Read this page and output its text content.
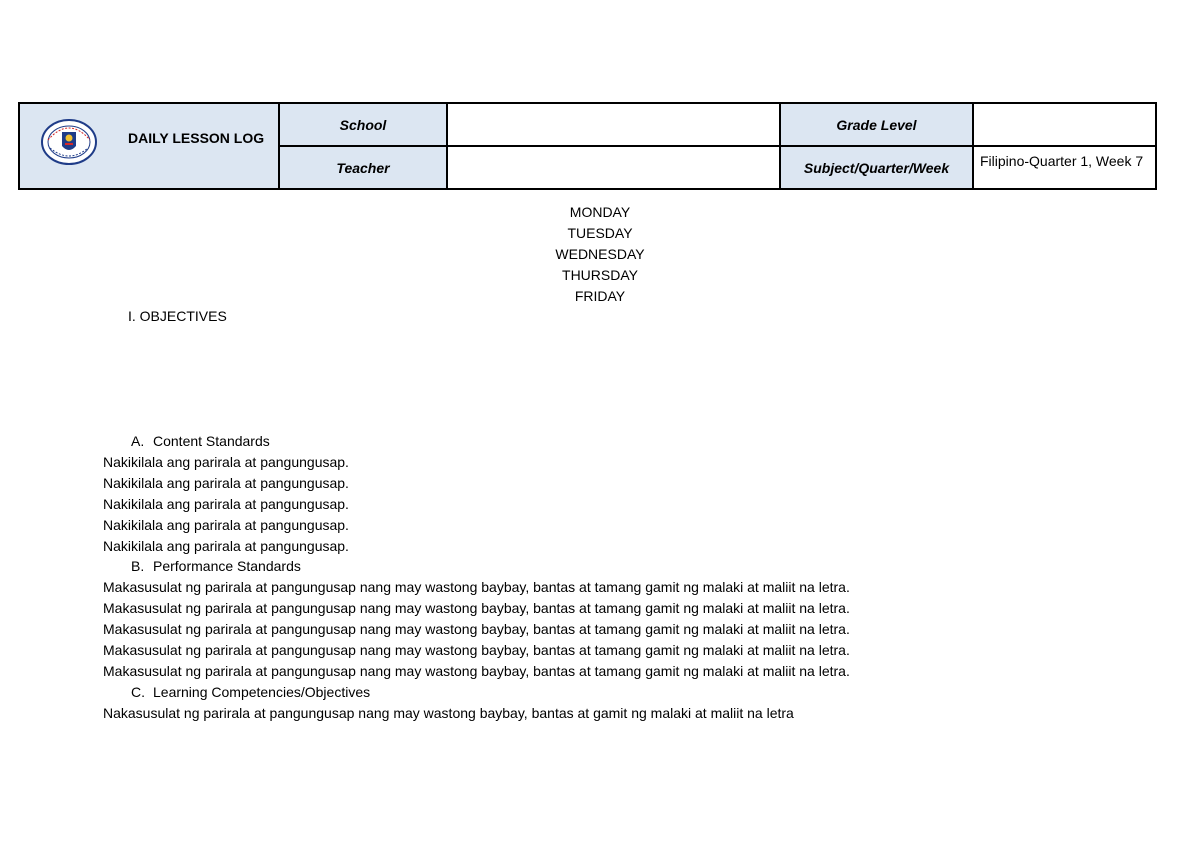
DAILY LESSON LOG	School		Grade Level	
	Teacher		Subject/Quarter/Week	Filipino-Quarter 1, Week 7
MONDAY
TUESDAY
WEDNESDAY
THURSDAY
FRIDAY
I. OBJECTIVES
A. Content Standards
Nakikilala ang parirala at pangungusap.
Nakikilala ang parirala at pangungusap.
Nakikilala ang parirala at pangungusap.
Nakikilala ang parirala at pangungusap.
Nakikilala ang parirala at pangungusap.
B. Performance Standards
Makasusulat ng parirala at pangungusap nang may wastong baybay, bantas at tamang gamit ng malaki at maliit na letra.
Makasusulat ng parirala at pangungusap nang may wastong baybay, bantas at tamang gamit ng malaki at maliit na letra.
Makasusulat ng parirala at pangungusap nang may wastong baybay, bantas at tamang gamit ng malaki at maliit na letra.
Makasusulat ng parirala at pangungusap nang may wastong baybay, bantas at tamang gamit ng malaki at maliit na letra.
Makasusulat ng parirala at pangungusap nang may wastong baybay, bantas at tamang gamit ng malaki at maliit na letra.
C. Learning Competencies/Objectives
Nakasusulat ng parirala at pangungusap nang may wastong baybay, bantas at gamit ng malaki at maliit na letra
